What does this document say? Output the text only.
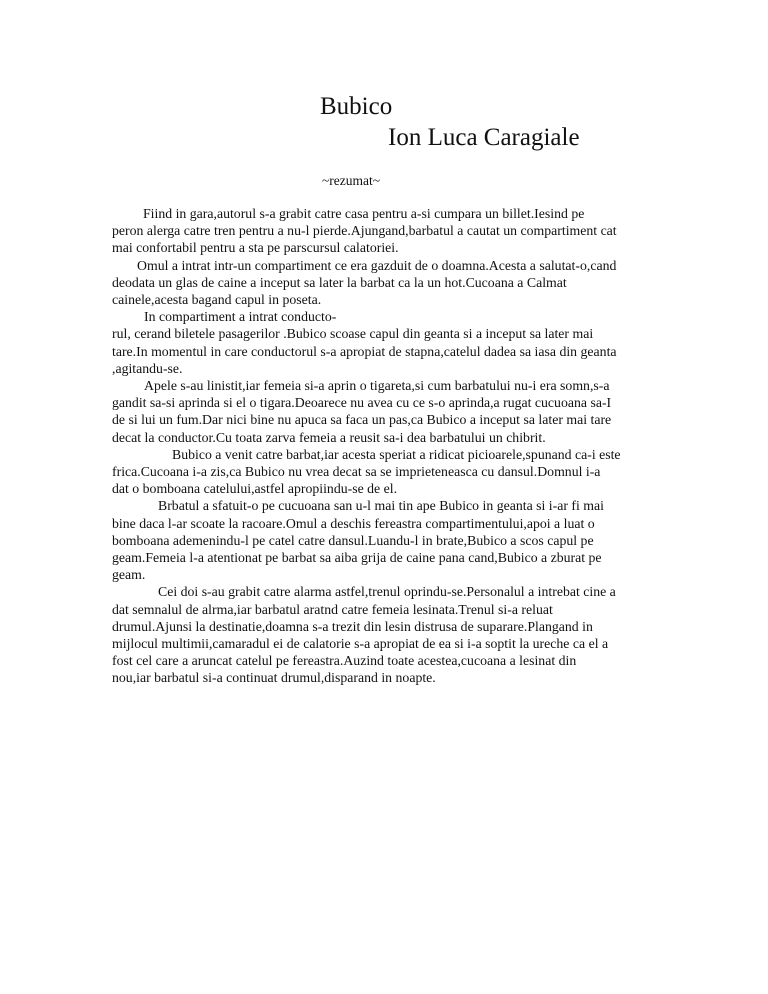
Bubico
Ion Luca Caragiale

~rezumat~

Fiind in gara,autorul s-a grabit catre casa pentru a-si cumpara un billet.Iesind pe
peron alerga catre tren pentru a nu-l pierde.Ajungand,barbatul a cautat un compartiment cat
mai confortabil pentru a sta pe parscursul calatoriei.
Omul a intrat intr-un compartiment ce era gazduit de o doamna.Acesta a salutat-o,cand
deodata un glas de caine a inceput sa later la barbat ca la un hot.Cucoana a Calmat
cainele,acesta bagand capul in poseta.
In compartiment a intrat conducto-
rul, cerand biletele pasagerilor .Bubico scoase capul din geanta si a inceput sa later mai
tare.In momentul in care conductorul s-a apropiat de stapna,catelul dadea sa iasa din geanta
,agitandu-se.
Apele s-au linistit,iar femeia si-a aprin o tigareta,si cum barbatului nu-i era somn,s-a
gandit sa-si aprinda si el o tigara.Deoarece nu avea cu ce s-o aprinda,a rugat cucuoana sa-I
de si lui un fum.Dar nici bine nu apuca sa faca un pas,ca Bubico a inceput sa later mai tare
decat la conductor.Cu toata zarva femeia a reusit sa-i dea barbatului un chibrit.
Bubico a venit catre barbat,iar acesta speriat a ridicat picioarele,spunand ca-i este
frica.Cucoana i-a zis,ca Bubico nu vrea decat sa se imprieteneasca cu dansul.Domnul i-a
dat o bomboana catelului,astfel apropiindu-se de el.
Brbatul a sfatuit-o pe cucuoana san u-l mai tin ape Bubico in geanta si i-ar fi mai
bine daca l-ar scoate la racoare.Omul a deschis fereastra compartimentului,apoi a luat o
bomboana ademenindu-l pe catel catre dansul.Luandu-l in brate,Bubico a scos capul pe
geam.Femeia l-a atentionat pe barbat sa aiba grija de caine pana cand,Bubico a zburat pe
geam.
Cei doi s-au grabit catre alarma astfel,trenul oprindu-se.Personalul a intrebat cine a
dat semnalul de alrma,iar barbatul aratnd catre femeia lesinata.Trenul si-a reluat
drumul.Ajunsi la destinatie,doamna s-a trezit din lesin distrusa de suparare.Plangand in
mijlocul multimii,camaradul ei de calatorie s-a apropiat de ea si i-a soptit la ureche ca el a
fost cel care a aruncat catelul pe fereastra.Auzind toate acestea,cucoana a lesinat din
nou,iar barbatul si-a continuat drumul,disparand in noapte.
